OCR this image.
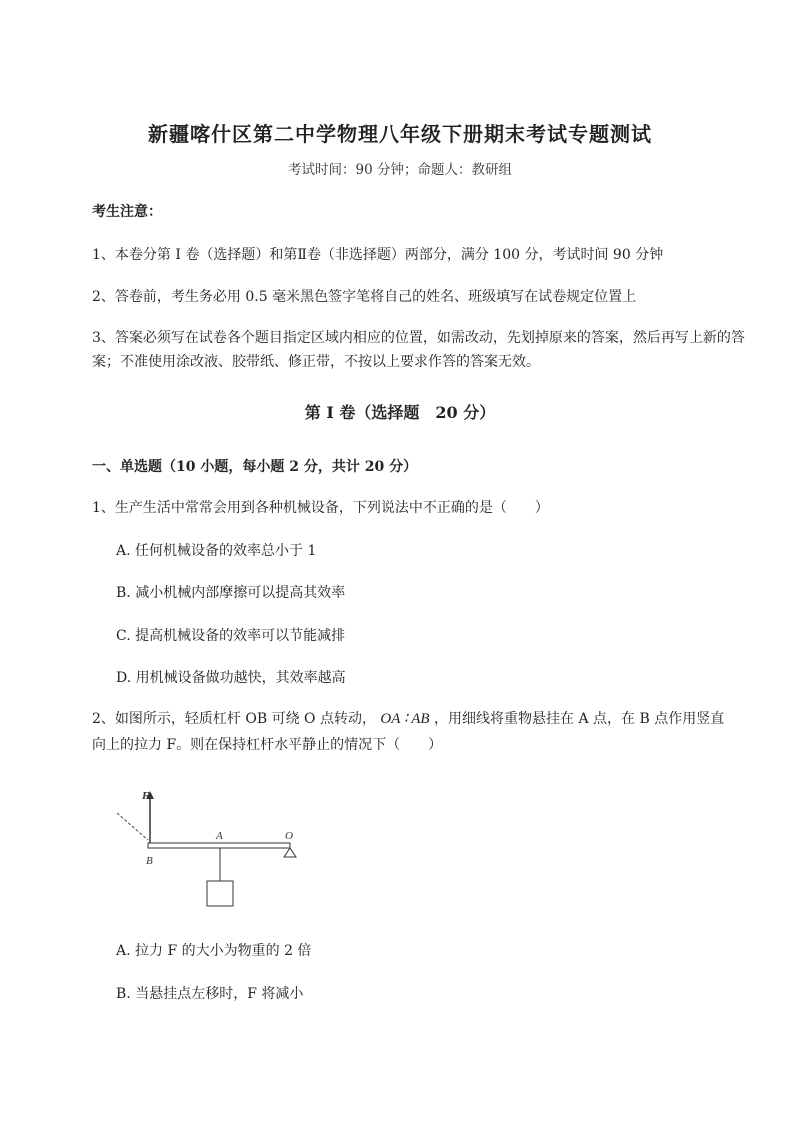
新疆喀什区第二中学物理八年级下册期末考试专题测试
考试时间：90 分钟；命题人：教研组
考生注意：
1、本卷分第 I 卷（选择题）和第Ⅱ卷（非选择题）两部分，满分 100 分，考试时间 90 分钟
2、答卷前，考生务必用 0.5 毫米黑色签字笔将自己的姓名、班级填写在试卷规定位置上
3、答案必须写在试卷各个题目指定区域内相应的位置，如需改动，先划掉原来的答案，然后再写上新的答案；不准使用涂改液、胶带纸、修正带，不按以上要求作答的答案无效。
第 I 卷（选择题　20 分）
一、单选题（10 小题，每小题 2 分，共计 20 分）
1、生产生活中常常会用到各种机械设备，下列说法中不正确的是（　　）
A. 任何机械设备的效率总小于 1
B. 减小机械内部摩擦可以提高其效率
C. 提高机械设备的效率可以节能减排
D. 用机械设备做功越快，其效率越高
2、如图所示，轻质杠杆 OB 可绕 O 点转动， OA ∶ AB ，用细线将重物悬挂在 A 点，在 B 点作用竖直
向上的拉力 F。则在保持杠杆水平静止的情况下（　　）
F
O
A
B
A. 拉力 F 的大小为物重的 2 倍
B. 当悬挂点左移时，F 将减小
